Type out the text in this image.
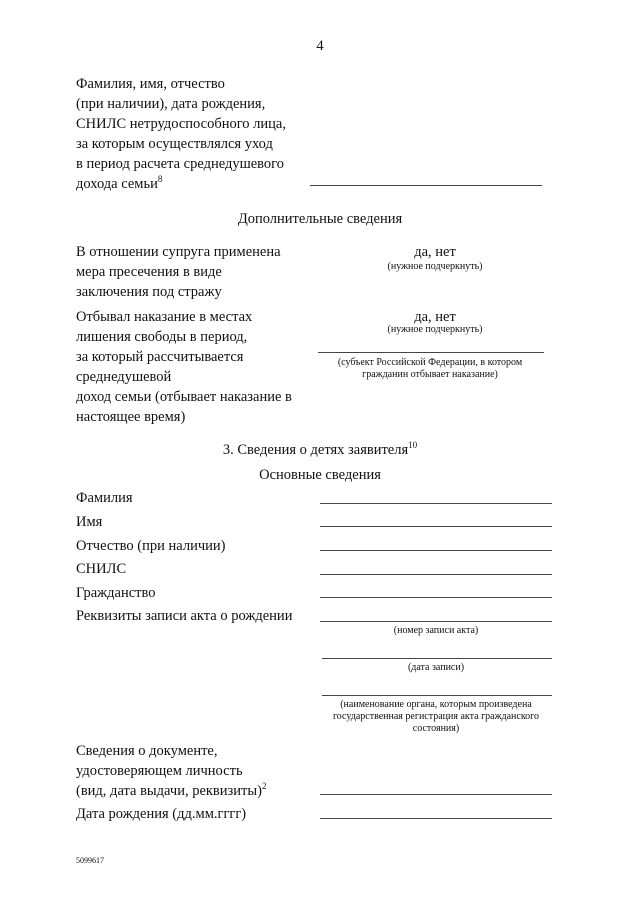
4
Фамилия, имя, отчество
(при наличии), дата рождения,
СНИЛС нетрудоспособного лица,
за которым осуществлялся уход
в период расчета среднедушевого
дохода семьи$^8$
Дополнительные сведения
В отношении супруга применена
мера пресечения в виде
заключения под стражу
да, нет
(нужное подчеркнуть)
Отбывал наказание в местах
лишения свободы в период,
за который рассчитывается
среднедушевой
доход семьи (отбывает наказание в
настоящее время)
да, нет
(нужное подчеркнуть)
(субъект Российской Федерации, в котором
гражданин отбывает наказание)
3. Сведения о детях заявителя$^{10}$
Основные сведения
Фамилия
Имя
Отчество (при наличии)
СНИЛС
Гражданство
Реквизиты записи акта о рождении
(номер записи акта)
(дата записи)
(наименование органа, которым произведена
государственная регистрация акта гражданского
состояния)
Сведения о документе,
удостоверяющем личность
(вид, дата выдачи, реквизиты)$^2$
Дата рождения (дд.мм.гггг)
5099617
